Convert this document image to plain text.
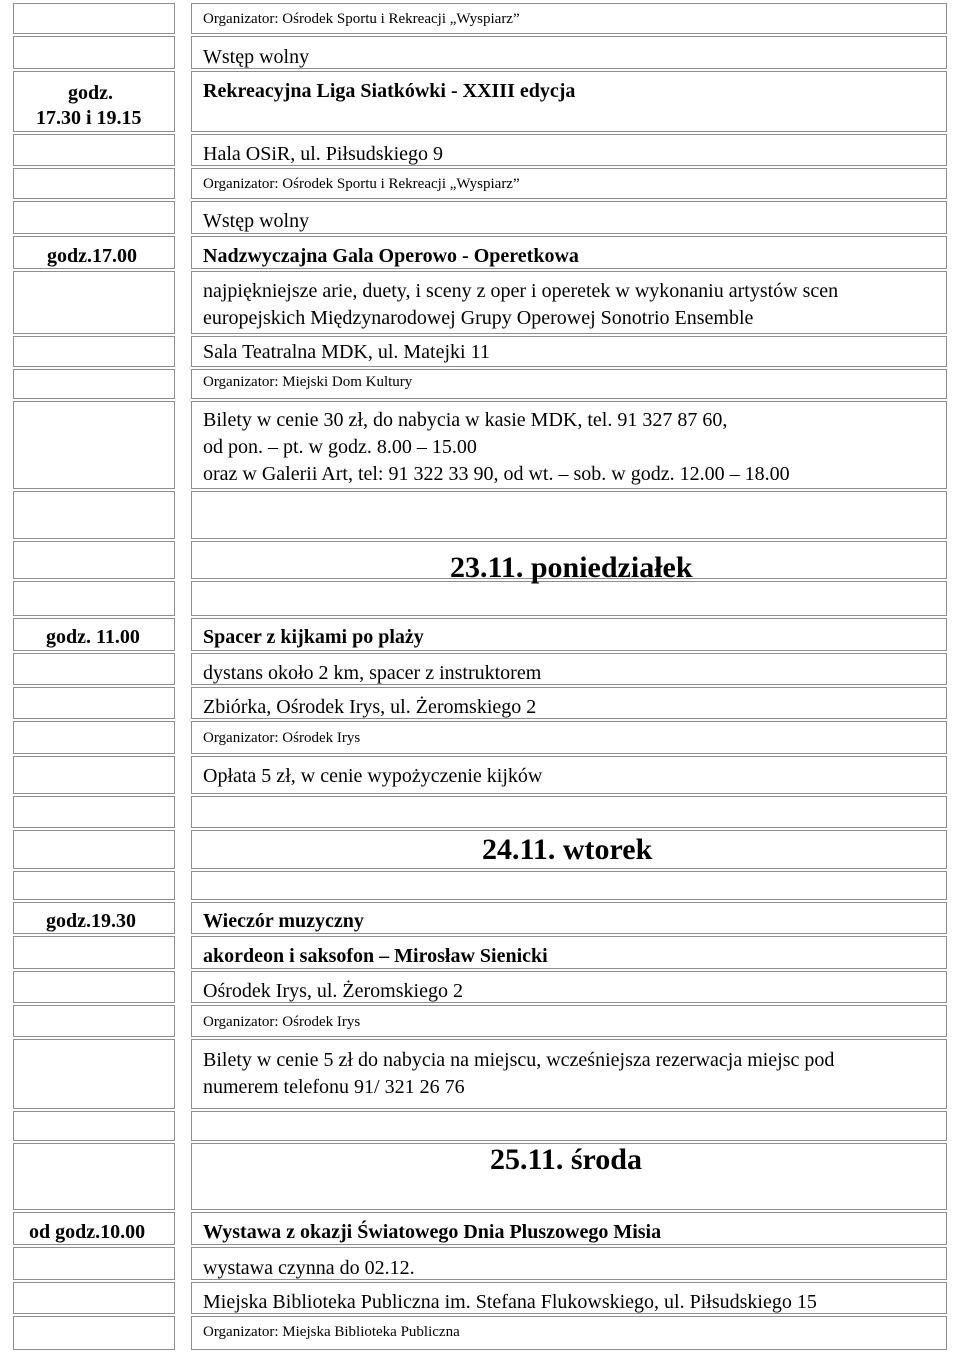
godz.
17.30 i 19.15
godz.17.00
godz. 11.00
godz.19.30
od godz.10.00
Organizator: Ośrodek Sportu i Rekreacji „Wyspiarz”
Wstęp wolny
Rekreacyjna Liga Siatkówki - XXIII edycja
Hala OSiR, ul. Piłsudskiego 9
Organizator: Ośrodek Sportu i Rekreacji „Wyspiarz”
Wstęp wolny
Nadzwyczajna Gala Operowo - Operetkowa
najpiękniejsze arie, duety, i sceny z oper i operetek w wykonaniu artystów scen
europejskich Międzynarodowej Grupy Operowej Sonotrio Ensemble
Sala Teatralna MDK, ul. Matejki 11
Organizator: Miejski Dom Kultury
Bilety w cenie 30 zł, do nabycia w kasie MDK, tel. 91 327 87 60,
od pon. – pt. w godz. 8.00 – 15.00
oraz w Galerii Art, tel: 91 322 33 90, od wt. – sob. w godz. 12.00 – 18.00
23.11. poniedziałek
Spacer z kijkami po plaży
dystans około 2 km, spacer z instruktorem
Zbiórka, Ośrodek Irys, ul. Żeromskiego 2
Organizator: Ośrodek Irys
Opłata 5 zł, w cenie wypożyczenie kijków
24.11. wtorek
Wieczór muzyczny
akordeon i saksofon – Mirosław Sienicki
Ośrodek Irys, ul. Żeromskiego 2
Organizator: Ośrodek Irys
Bilety w cenie 5 zł do nabycia na miejscu, wcześniejsza rezerwacja miejsc pod
numerem telefonu 91/ 321 26 76
25.11. środa
Wystawa z okazji Światowego Dnia Pluszowego Misia
wystawa czynna do 02.12.
Miejska Biblioteka Publiczna im. Stefana Flukowskiego, ul. Piłsudskiego 15
Organizator: Miejska Biblioteka Publiczna
